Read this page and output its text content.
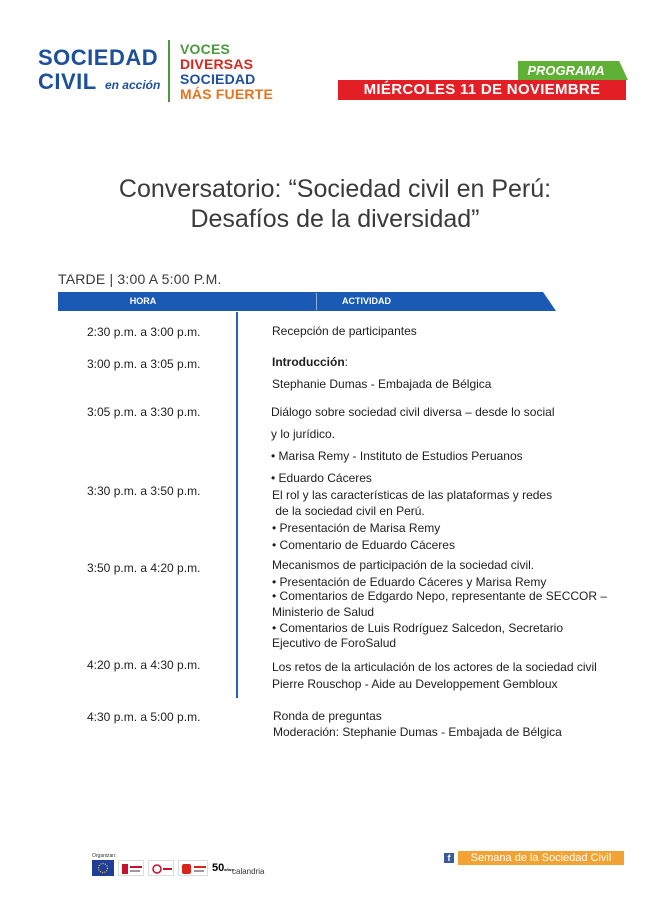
SOCIEDAD
CIVIL en acción
VOCES
DIVERSAS
SOCIEDAD
MÁS FUERTE
PROGRAMA
MIÉRCOLES 11 DE NOVIEMBRE
Conversatorio: “Sociedad civil en Perú:
Desafíos de la diversidad”
TARDE | 3:00 A 5:00 P.M.
HORA	ACTIVIDAD
2:30 p.m. a 3:00 p.m.	Recepción de participantes
3:00 p.m. a 3:05 p.m.	Introducción:
Stephanie Dumas - Embajada de Bélgica
3:05 p.m. a 3:30 p.m.	Diálogo sobre sociedad civil diversa – desde lo social
y lo jurídico.
• Marisa Remy - Instituto de Estudios Peruanos
• Eduardo Cáceres
3:30 p.m. a 3:50 p.m.	El rol y las características de las plataformas y redes
de la sociedad civil en Perú.
• Presentación de Marisa Remy
• Comentario de Eduardo Cáceres
3:50 p.m. a 4:20 p.m.	Mecanismos de participación de la sociedad civil.
• Presentación de Eduardo Cáceres y Marisa Remy
• Comentarios de Edgardo Nepo, representante de SECCOR –
Ministerio de Salud
• Comentarios de Luis Rodríguez Salcedon, Secretario
Ejecutivo de ForoSalud
4:20 p.m. a 4:30 p.m.	Los retos de la articulación de los actores de la sociedad civil
Pierre Rouschop - Aide au Developpement Gembloux
4:30 p.m. a 5:00 p.m.	Ronda de preguntas
Moderación: Stephanie Dumas - Embajada de Bélgica
Organizan:
50años
calandria
f	Semana de la Sociedad Civil
